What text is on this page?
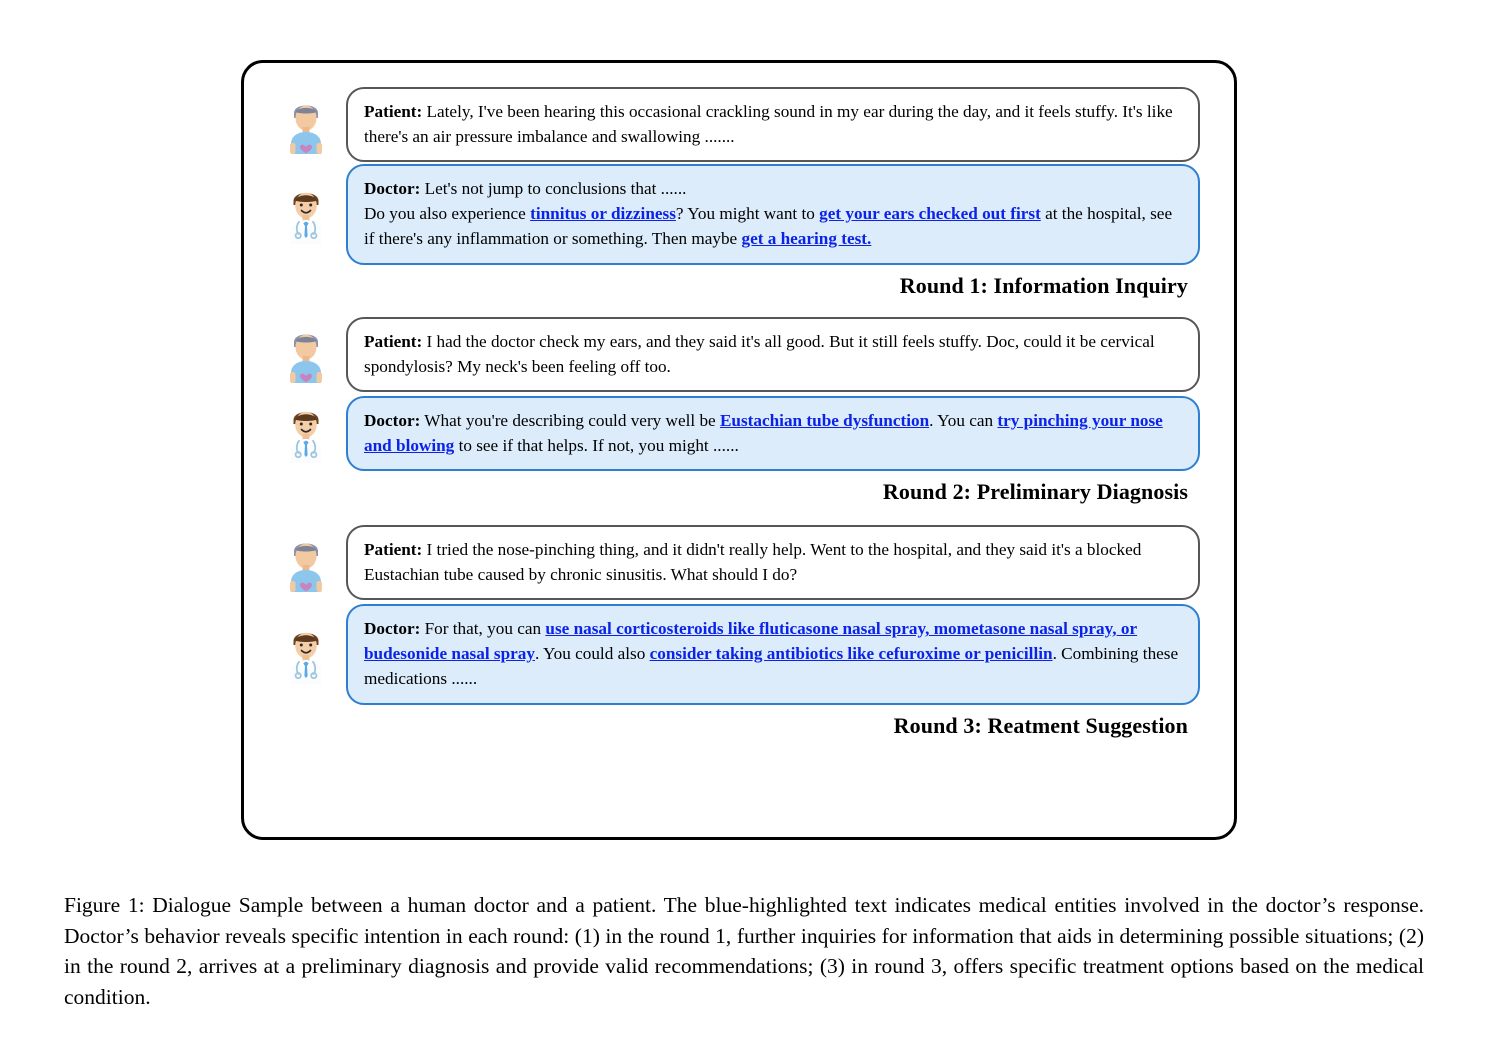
Patient: Lately, I've been hearing this occasional crackling sound in my ear during the day, and it feels stuffy. It's like there's an air pressure imbalance and swallowing .......
Doctor: Let's not jump to conclusions that ......
Do you also experience tinnitus or dizziness? You might want to get your ears checked out first at the hospital, see if there's any inflammation or something. Then maybe get a hearing test.
Round 1: Information Inquiry
Patient: I had the doctor check my ears, and they said it's all good. But it still feels stuffy. Doc, could it be cervical spondylosis? My neck's been feeling off too.
Doctor: What you're describing could very well be Eustachian tube dysfunction. You can try pinching your nose and blowing to see if that helps. If not, you might ......
Round 2: Preliminary Diagnosis
Patient: I tried the nose-pinching thing, and it didn't really help. Went to the hospital, and they said it's a blocked Eustachian tube caused by chronic sinusitis. What should I do?
Doctor: For that, you can use nasal corticosteroids like fluticasone nasal spray, mometasone nasal spray, or budesonide nasal spray. You could also consider taking antibiotics like cefuroxime or penicillin. Combining these medications ......
Round 3: Reatment Suggestion
Figure 1: Dialogue Sample between a human doctor and a patient. The blue-highlighted text indicates medical entities involved in the doctor’s response. Doctor’s behavior reveals specific intention in each round: (1) in the round 1, further inquiries for information that aids in determining possible situations; (2) in the round 2, arrives at a preliminary diagnosis and provide valid recommendations; (3) in round 3, offers specific treatment options based on the medical condition.
